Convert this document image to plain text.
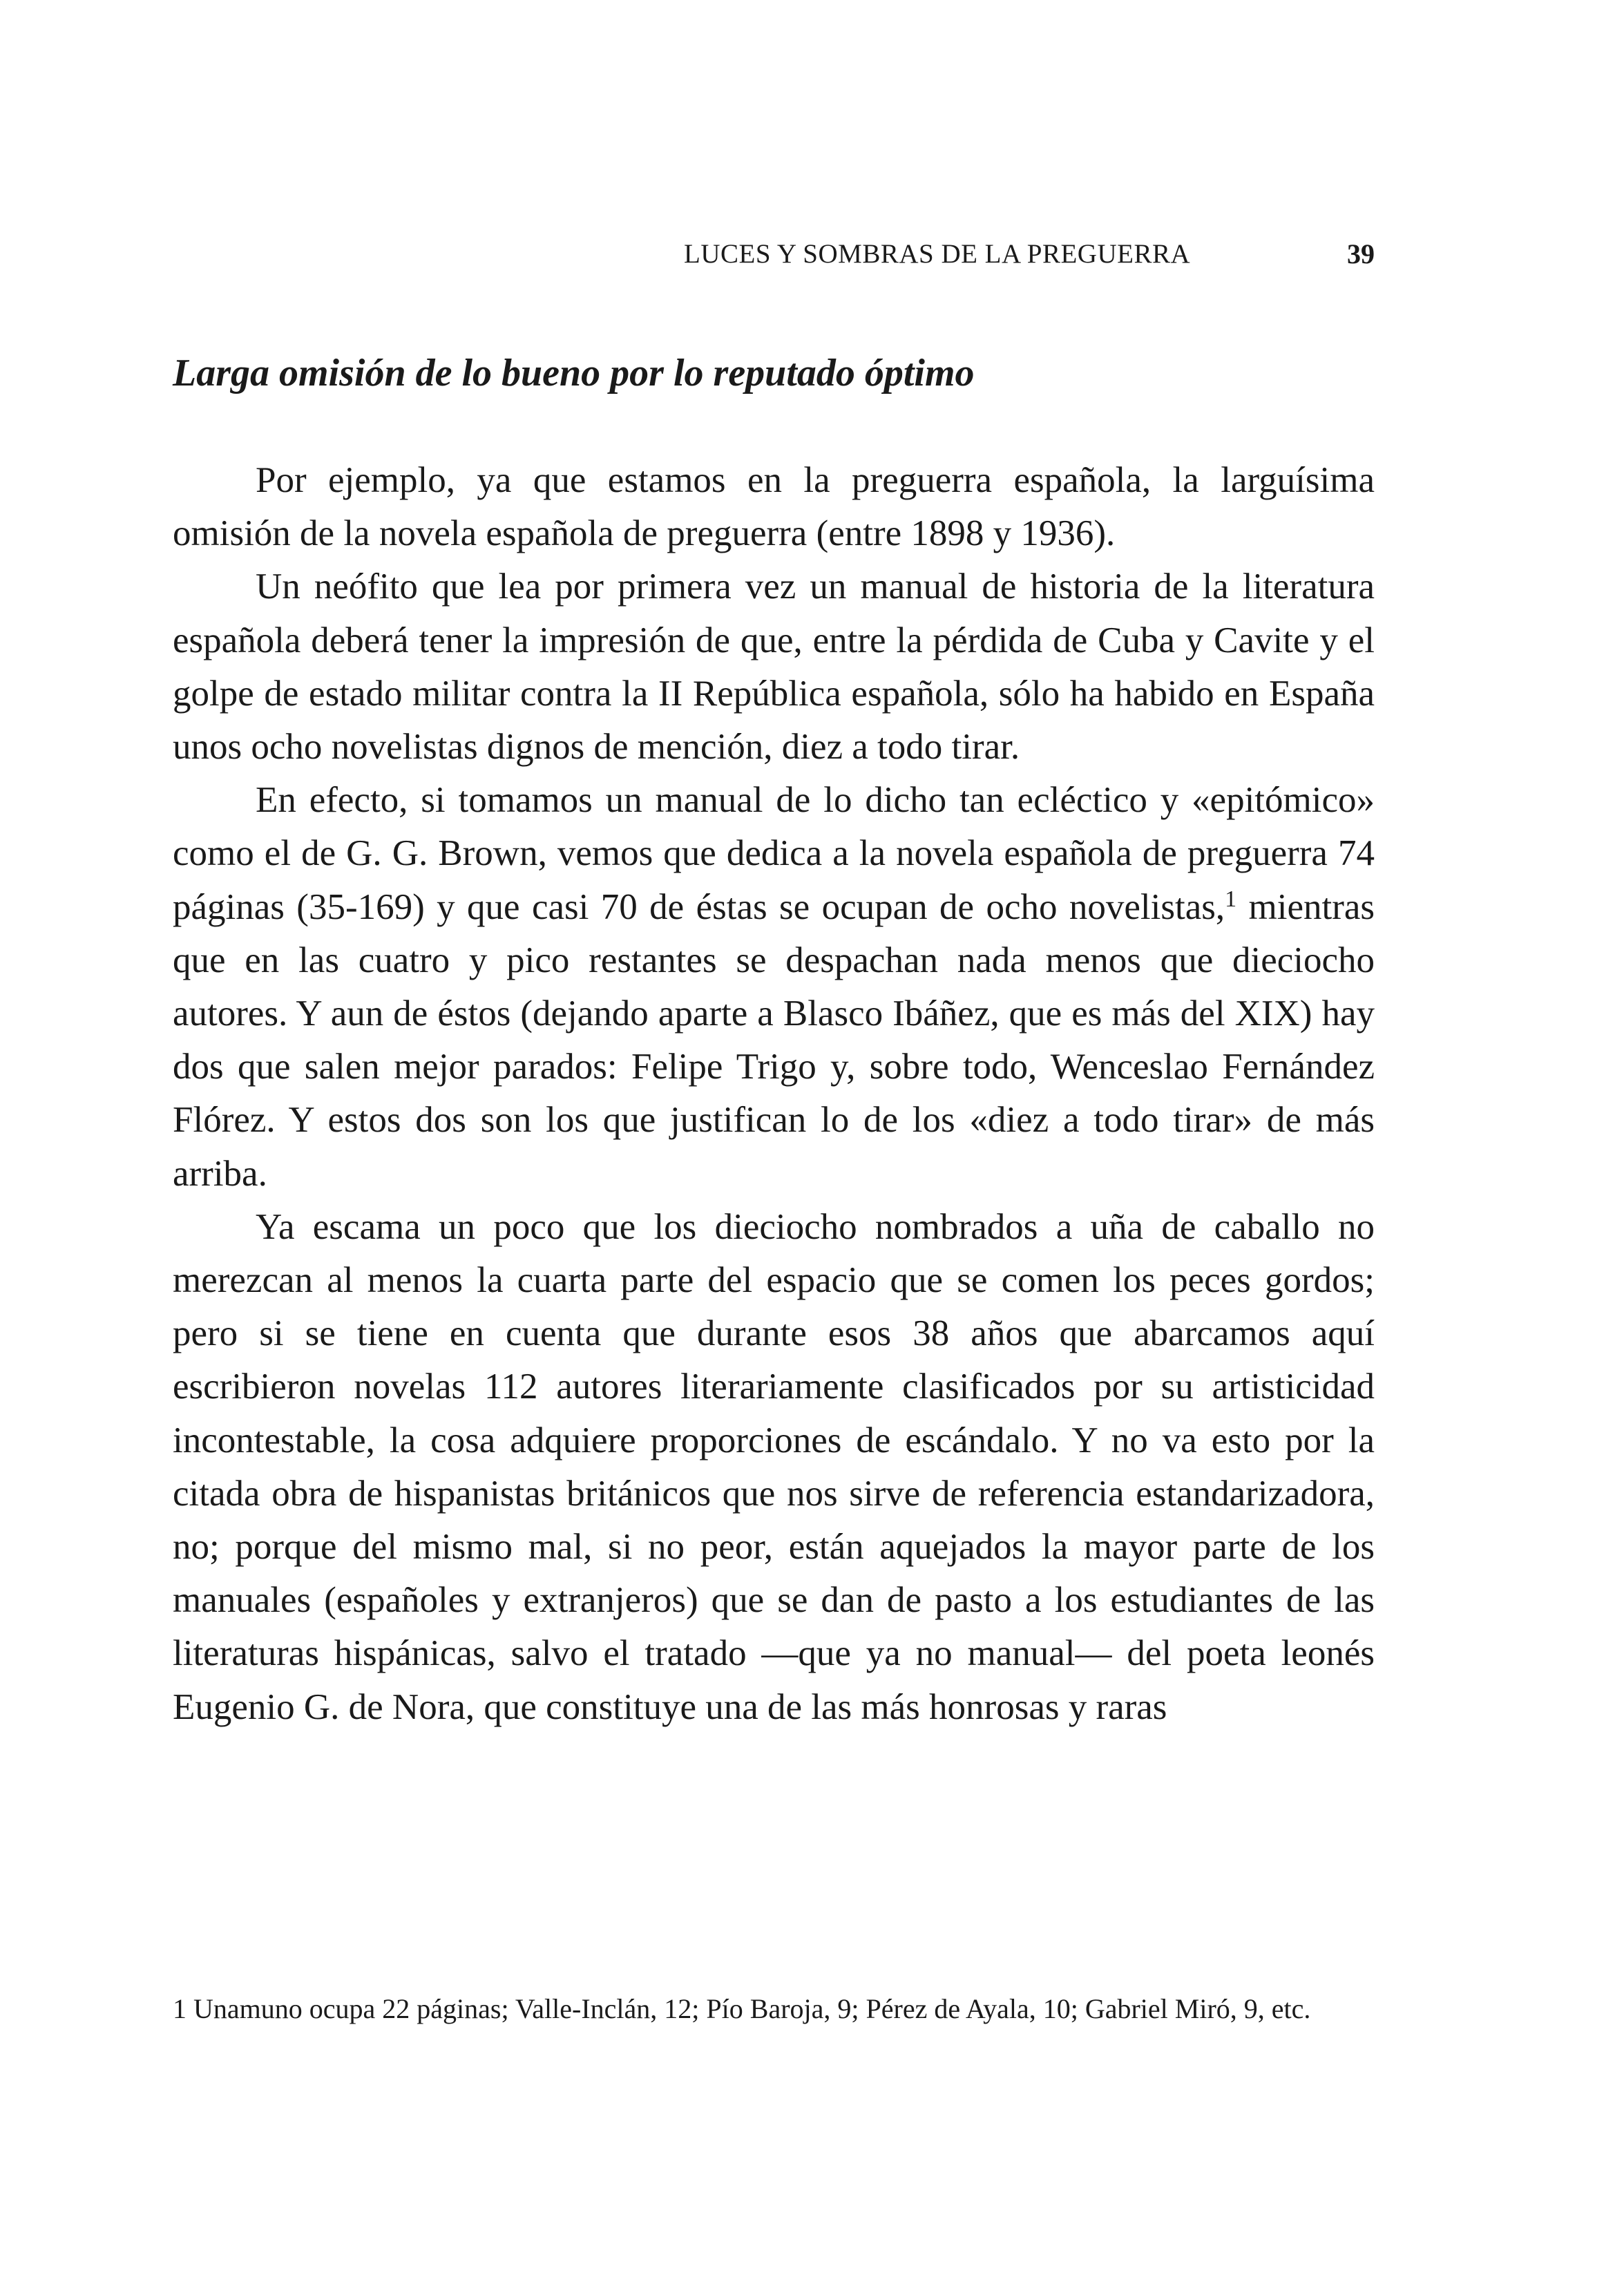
LUCES Y SOMBRAS DE LA PREGUERRA	39
Larga omisión de lo bueno por lo reputado óptimo

Por ejemplo, ya que estamos en la preguerra española, la larguísima omisión de la novela española de preguerra (entre 1898 y 1936).

Un neófito que lea por primera vez un manual de historia de la literatura española deberá tener la impresión de que, entre la pérdida de Cuba y Cavite y el golpe de estado militar contra la II República española, sólo ha habido en España unos ocho novelistas dignos de mención, diez a todo tirar.

En efecto, si tomamos un manual de lo dicho tan ecléctico y «epitómico» como el de G. G. Brown, vemos que dedica a la novela española de preguerra 74 páginas (35-169) y que casi 70 de éstas se ocupan de ocho novelistas,$^1$ mientras que en las cuatro y pico restantes se despachan nada menos que dieciocho autores. Y aun de éstos (dejando aparte a Blasco Ibáñez, que es más del XIX) hay dos que salen mejor parados: Felipe Trigo y, sobre todo, Wenceslao Fernández Flórez. Y estos dos son los que justifican lo de los «diez a todo tirar» de más arriba.

Ya escama un poco que los dieciocho nombrados a uña de caballo no merezcan al menos la cuarta parte del espacio que se comen los peces gordos; pero si se tiene en cuenta que durante esos 38 años que abarcamos aquí escribieron novelas 112 autores literariamente clasificados por su artisticidad incontestable, la cosa adquiere proporciones de escándalo. Y no va esto por la citada obra de hispanistas británicos que nos sirve de referencia estandarizadora, no; porque del mismo mal, si no peor, están aquejados la mayor parte de los manuales (españoles y extranjeros) que se dan de pasto a los estudiantes de las literaturas hispánicas, salvo el tratado —que ya no manual— del poeta leonés Eugenio G. de Nora, que constituye una de las más honrosas y raras

1 Unamuno ocupa 22 páginas; Valle-Inclán, 12; Pío Baroja, 9; Pérez de Ayala, 10; Gabriel Miró, 9, etc.
